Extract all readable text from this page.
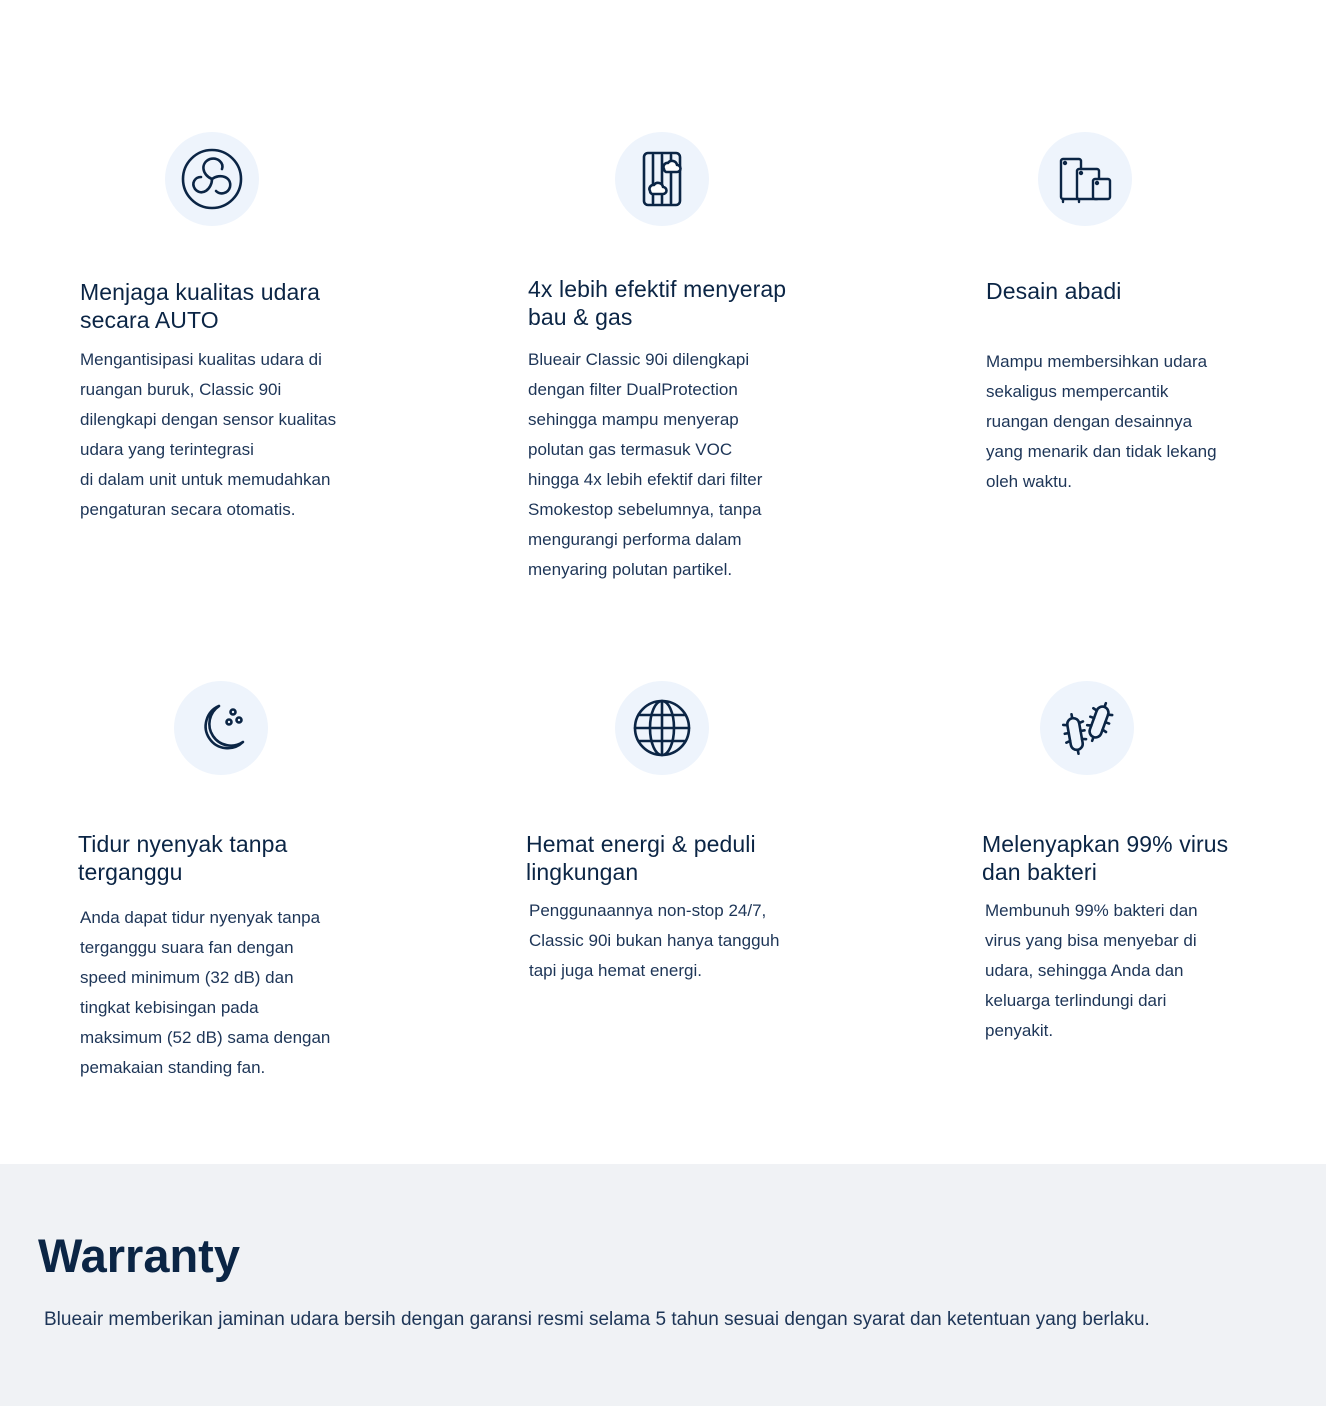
Menjaga kualitas udara
secara AUTO
Mengantisipasi kualitas udara di
ruangan buruk, Classic 90i
dilengkapi dengan sensor kualitas
udara yang terintegrasi
di dalam unit untuk memudahkan
pengaturan secara otomatis.
4x lebih efektif menyerap
bau & gas
Blueair Classic 90i dilengkapi
dengan filter DualProtection
sehingga mampu menyerap
polutan gas termasuk VOC
hingga 4x lebih efektif dari filter
Smokestop sebelumnya, tanpa
mengurangi performa dalam
menyaring polutan partikel.
Desain abadi
Mampu membersihkan udara
sekaligus mempercantik
ruangan dengan desainnya
yang menarik dan tidak lekang
oleh waktu.
Tidur nyenyak tanpa
terganggu
Anda dapat tidur nyenyak tanpa
terganggu suara fan dengan
speed minimum (32 dB) dan
tingkat kebisingan pada
maksimum (52 dB) sama dengan
pemakaian standing fan.
Hemat energi & peduli
lingkungan
Penggunaannya non-stop 24/7,
Classic 90i bukan hanya tangguh
tapi juga hemat energi.
Melenyapkan 99% virus
dan bakteri
Membunuh 99% bakteri dan
virus yang bisa menyebar di
udara, sehingga Anda dan
keluarga terlindungi dari
penyakit.
Warranty

Blueair memberikan jaminan udara bersih dengan garansi resmi selama 5 tahun sesuai dengan syarat dan ketentuan yang berlaku.
